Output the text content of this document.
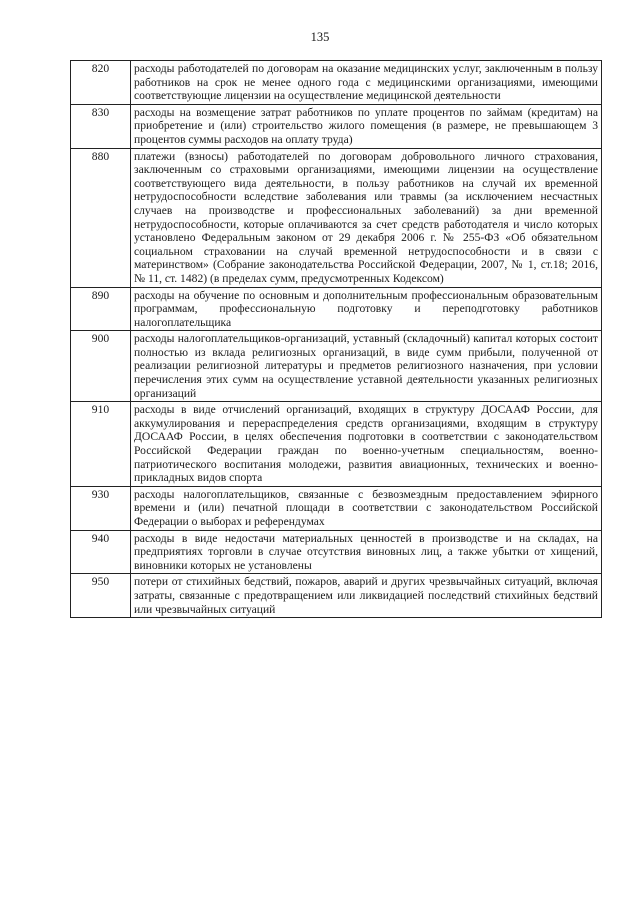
135
820	расходы работодателей по договорам на оказание медицинских услуг, заключенным в пользу работников на срок не менее одного года с медицинскими организациями, имеющими соответствующие лицензии на осуществление медицинской деятельности
830	расходы на возмещение затрат работников по уплате процентов по займам (кредитам) на приобретение и (или) строительство жилого помещения (в размере, не превышающем 3 процентов суммы расходов на оплату труда)
880	платежи (взносы) работодателей по договорам добровольного личного страхования, заключенным со страховыми организациями, имеющими лицензии на осуществление соответствующего вида деятельности, в пользу работников на случай их временной нетрудоспособности вследствие заболевания или травмы (за исключением несчастных случаев на производстве и профессиональных заболеваний) за дни временной нетрудоспособности, которые оплачиваются за счет средств работодателя и число которых установлено Федеральным законом от 29 декабря 2006 г. № 255-ФЗ «Об обязательном социальном страховании на случай временной нетрудоспособности и в связи с материнством» (Собрание законодательства Российской Федерации, 2007, № 1, ст.18; 2016, № 11, ст. 1482) (в пределах сумм, предусмотренных Кодексом)
890	расходы на обучение по основным и дополнительным профессиональным образовательным программам, профессиональную подготовку и переподготовку работников налогоплательщика
900	расходы налогоплательщиков-организаций, уставный (складочный) капитал которых состоит полностью из вклада религиозных организаций, в виде сумм прибыли, полученной от реализации религиозной литературы и предметов религиозного назначения, при условии перечисления этих сумм на осуществление уставной деятельности указанных религиозных организаций
910	расходы в виде отчислений организаций, входящих в структуру ДОСААФ России, для аккумулирования и перераспределения средств организациями, входящим в структуру ДОСААФ России, в целях обеспечения подготовки в соответствии с законодательством Российской Федерации граждан по военно-учетным специальностям, военно-патриотического воспитания молодежи, развития авиационных, технических и военно-прикладных видов спорта
930	расходы налогоплательщиков, связанные с безвозмездным предоставлением эфирного времени и (или) печатной площади в соответствии с законодательством Российской Федерации о выборах и референдумах
940	расходы в виде недостачи материальных ценностей в производстве и на складах, на предприятиях торговли в случае отсутствия виновных лиц, а также убытки от хищений, виновники которых не установлены
950	потери от стихийных бедствий, пожаров, аварий и других чрезвычайных ситуаций, включая затраты, связанные с предотвращением или ликвидацией последствий стихийных бедствий или чрезвычайных ситуаций
